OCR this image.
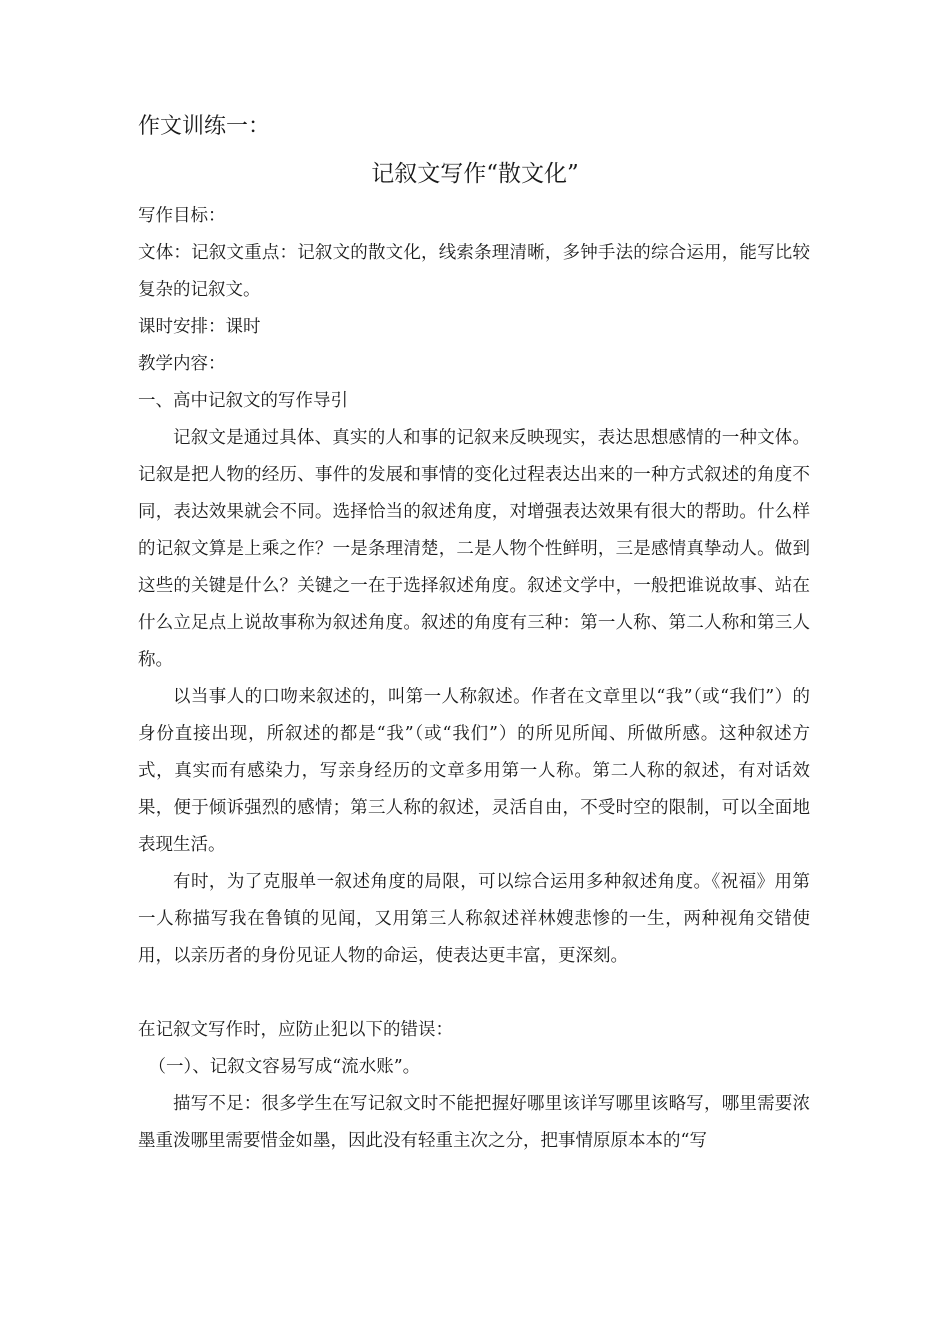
作文训练一：
记叙文写作“散文化”

写作目标：

文体：记叙文重点：记叙文的散文化，线索条理清晰，多钟手法的综合运用，能写比较复杂的记叙文。

课时安排：课时

教学内容：

一、高中记叙文的写作导引

记叙文是通过具体、真实的人和事的记叙来反映现实，表达思想感情的一种文体。记叙是把人物的经历、事件的发展和事情的变化过程表达出来的一种方式叙述的角度不同，表达效果就会不同。选择恰当的叙述角度，对增强表达效果有很大的帮助。什么样的记叙文算是上乘之作？一是条理清楚，二是人物个性鲜明，三是感情真挚动人。做到这些的关键是什么？关键之一在于选择叙述角度。叙述文学中，一般把谁说故事、站在什么立足点上说故事称为叙述角度。叙述的角度有三种：第一人称、第二人称和第三人称。

以当事人的口吻来叙述的，叫第一人称叙述。作者在文章里以“我”（或“我们”）的身份直接出现，所叙述的都是“我”（或“我们”）的所见所闻、所做所感。这种叙述方式，真实而有感染力，写亲身经历的文章多用第一人称。第二人称的叙述，有对话效果，便于倾诉强烈的感情；第三人称的叙述，灵活自由，不受时空的限制，可以全面地表现生活。

有时，为了克服单一叙述角度的局限，可以综合运用多种叙述角度。《祝福》用第一人称描写我在鲁镇的见闻，又用第三人称叙述祥林嫂悲惨的一生，两种视角交错使用，以亲历者的身份见证人物的命运，使表达更丰富，更深刻。

在记叙文写作时，应防止犯以下的错误：

（一）、记叙文容易写成“流水账”。

描写不足：很多学生在写记叙文时不能把握好哪里该详写哪里该略写，哪里需要浓墨重泼哪里需要惜金如墨，因此没有轻重主次之分，把事情原原本本的“写
